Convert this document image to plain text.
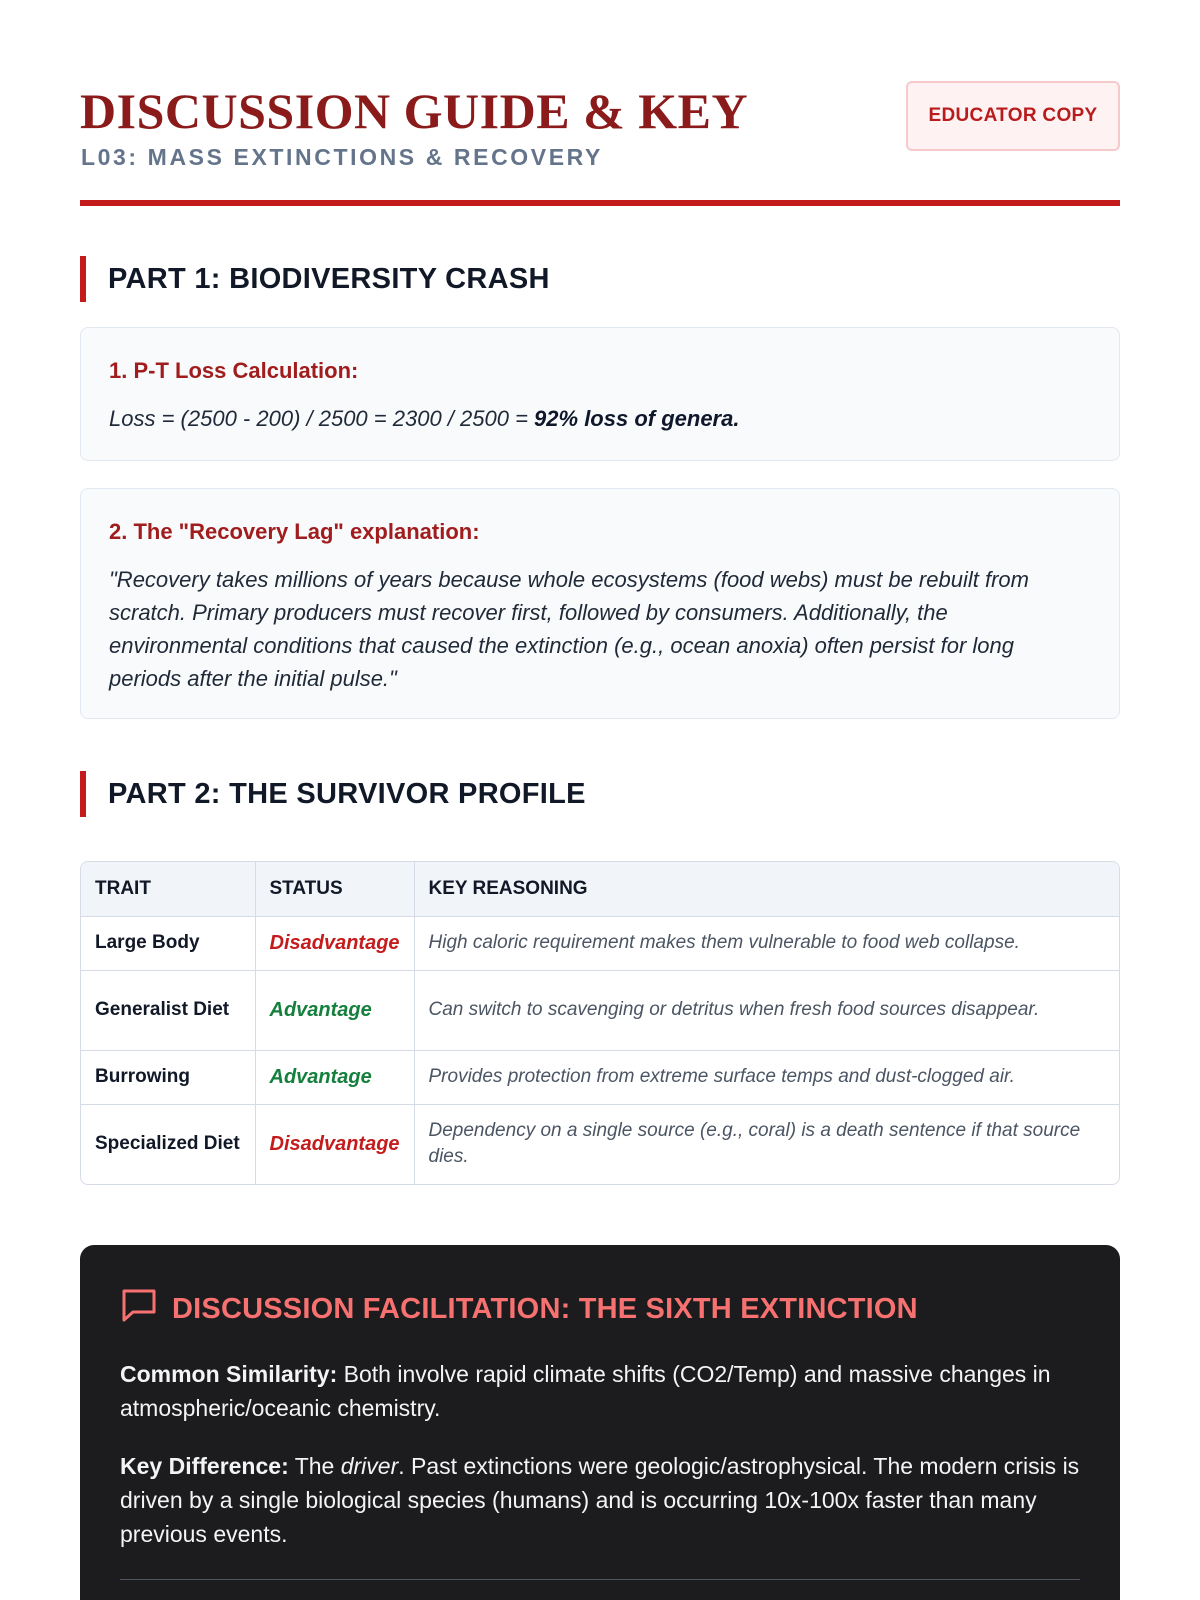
DISCUSSION GUIDE & KEY
L03: MASS EXTINCTIONS & RECOVERY
EDUCATOR COPY
PART 1: BIODIVERSITY CRASH
1. P-T Loss Calculation:
Loss = (2500 - 200) / 2500 = 2300 / 2500 = 92% loss of genera.
2. The "Recovery Lag" explanation:
"Recovery takes millions of years because whole ecosystems (food webs) must be rebuilt from scratch. Primary producers must recover first, followed by consumers. Additionally, the environmental conditions that caused the extinction (e.g., ocean anoxia) often persist for long periods after the initial pulse."
PART 2: THE SURVIVOR PROFILE
TRAIT	STATUS	KEY REASONING
Large Body	Disadvantage	High caloric requirement makes them vulnerable to food web collapse.
Generalist Diet	Advantage	Can switch to scavenging or detritus when fresh food sources disappear.
Burrowing	Advantage	Provides protection from extreme surface temps and dust-clogged air.
Specialized Diet	Disadvantage	Dependency on a single source (e.g., coral) is a death sentence if that source dies.
DISCUSSION FACILITATION: THE SIXTH EXTINCTION

Common Similarity: Both involve rapid climate shifts (CO2/Temp) and massive changes in atmospheric/oceanic chemistry.

Key Difference: The driver. Past extinctions were geologic/astrophysical. The modern crisis is driven by a single biological species (humans) and is occurring 10x-100x faster than many previous events.
